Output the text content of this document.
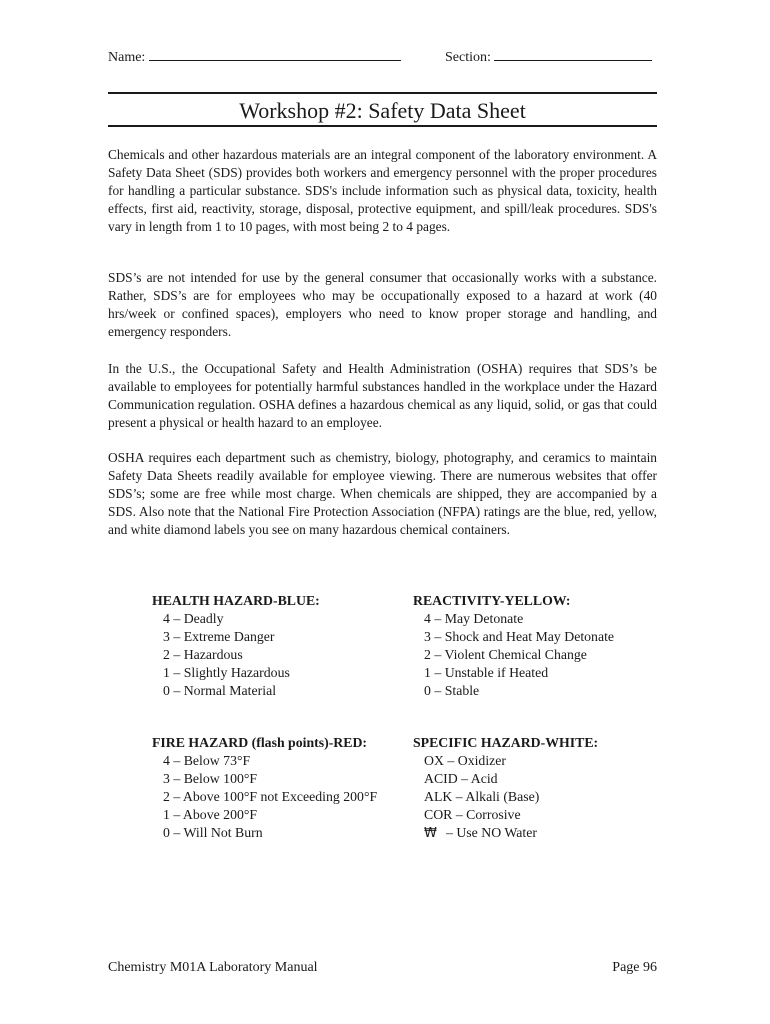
Name:	Section:
Workshop #2: Safety Data Sheet

Chemicals and other hazardous materials are an integral component of the laboratory environment. A Safety Data Sheet (SDS) provides both workers and emergency personnel with the proper procedures for handling a particular substance. SDS's include information such as physical data, toxicity, health effects, first aid, reactivity, storage, disposal, protective equipment, and spill/leak procedures. SDS's vary in length from 1 to 10 pages, with most being 2 to 4 pages.

SDS’s are not intended for use by the general consumer that occasionally works with a substance. Rather, SDS’s are for employees who may be occupationally exposed to a hazard at work (40 hrs/week or confined spaces), employers who need to know proper storage and handling, and emergency responders.

In the U.S., the Occupational Safety and Health Administration (OSHA) requires that SDS’s be available to employees for potentially harmful substances handled in the workplace under the Hazard Communication regulation. OSHA defines a hazardous chemical as any liquid, solid, or gas that could present a physical or health hazard to an employee.

OSHA requires each department such as chemistry, biology, photography, and ceramics to maintain Safety Data Sheets readily available for employee viewing. There are numerous websites that offer SDS’s; some are free while most charge. When chemicals are shipped, they are accompanied by a SDS. Also note that the National Fire Protection Association (NFPA) ratings are the blue, red, yellow, and white diamond labels you see on many hazardous chemical containers.

HEALTH HAZARD-BLUE:
4 – Deadly
3 – Extreme Danger
2 – Hazardous
1 – Slightly Hazardous
0 – Normal Material
REACTIVITY-YELLOW:
4 – May Detonate
3 – Shock and Heat May Detonate
2 – Violent Chemical Change
1 – Unstable if Heated
0 – Stable
FIRE HAZARD (flash points)-RED:
4 – Below 73°F
3 – Below 100°F
2 – Above 100°F not Exceeding 200°F
1 – Above 200°F
0 – Will Not Burn
SPECIFIC HAZARD-WHITE:
OX – Oxidizer
ACID – Acid
ALK – Alkali (Base)
COR – Corrosive
₩ – Use NO Water
Chemistry M01A Laboratory Manual	Page 96
